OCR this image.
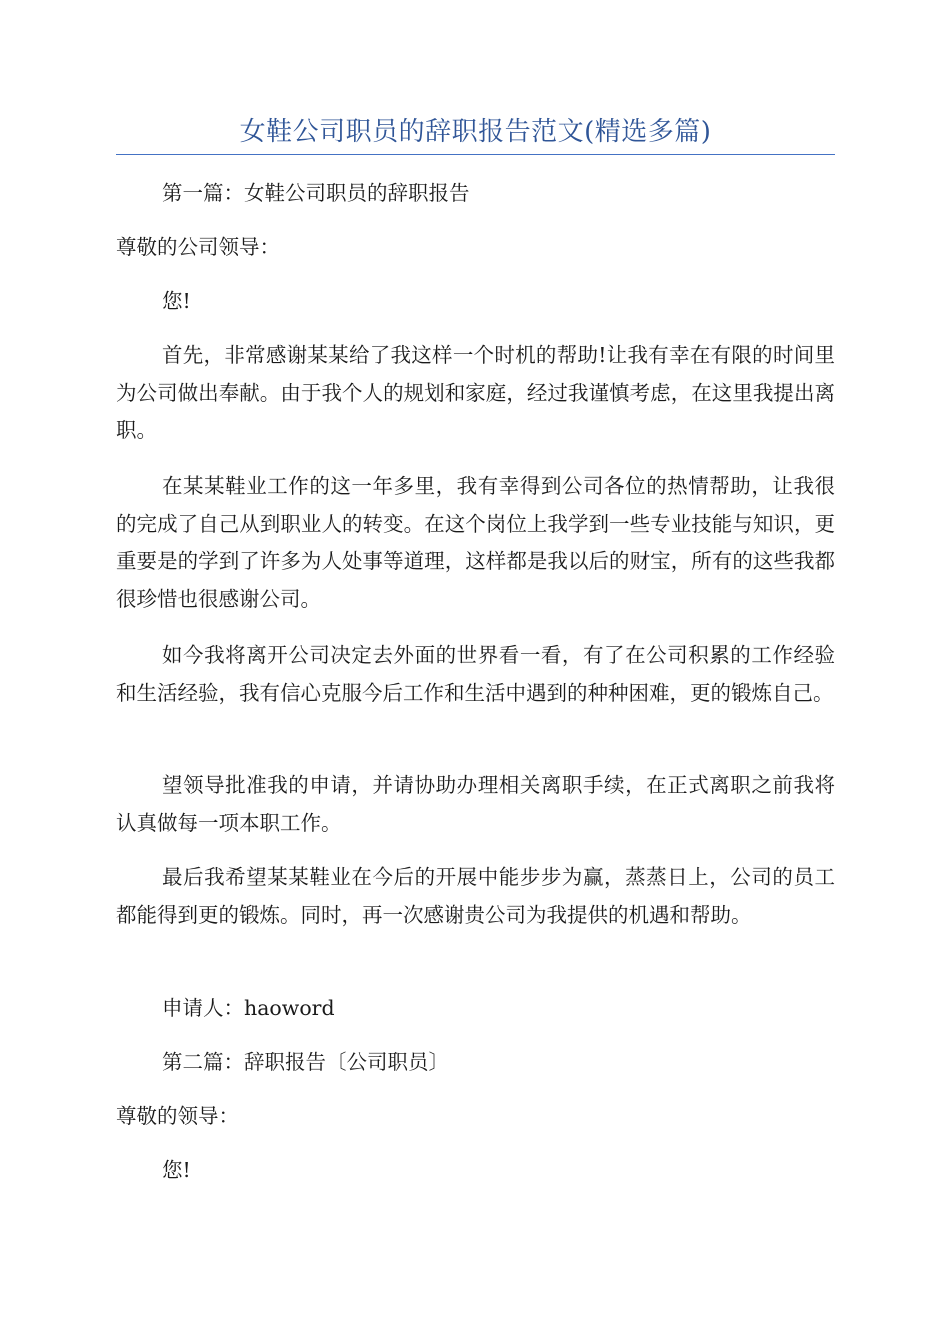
女鞋公司职员的辞职报告范文(精选多篇)

第一篇：女鞋公司职员的辞职报告

尊敬的公司领导：

您!

首先，非常感谢某某给了我这样一个时机的帮助!让我有幸在有限的时间里为公司做出奉献。由于我个人的规划和家庭，经过我谨慎考虑，在这里我提出离职。

在某某鞋业工作的这一年多里，我有幸得到公司各位的热情帮助，让我很的完成了自己从到职业人的转变。在这个岗位上我学到一些专业技能与知识，更重要是的学到了许多为人处事等道理，这样都是我以后的财宝，所有的这些我都很珍惜也很感谢公司。

如今我将离开公司决定去外面的世界看一看，有了在公司积累的工作经验和生活经验，我有信心克服今后工作和生活中遇到的种种困难，更的锻炼自己。

望领导批准我的申请，并请协助办理相关离职手续，在正式离职之前我将认真做每一项本职工作。

最后我希望某某鞋业在今后的开展中能步步为赢，蒸蒸日上，公司的员工都能得到更的锻炼。同时，再一次感谢贵公司为我提供的机遇和帮助。

申请人：haoword

第二篇：辞职报告〔公司职员〕

尊敬的领导：

您!
